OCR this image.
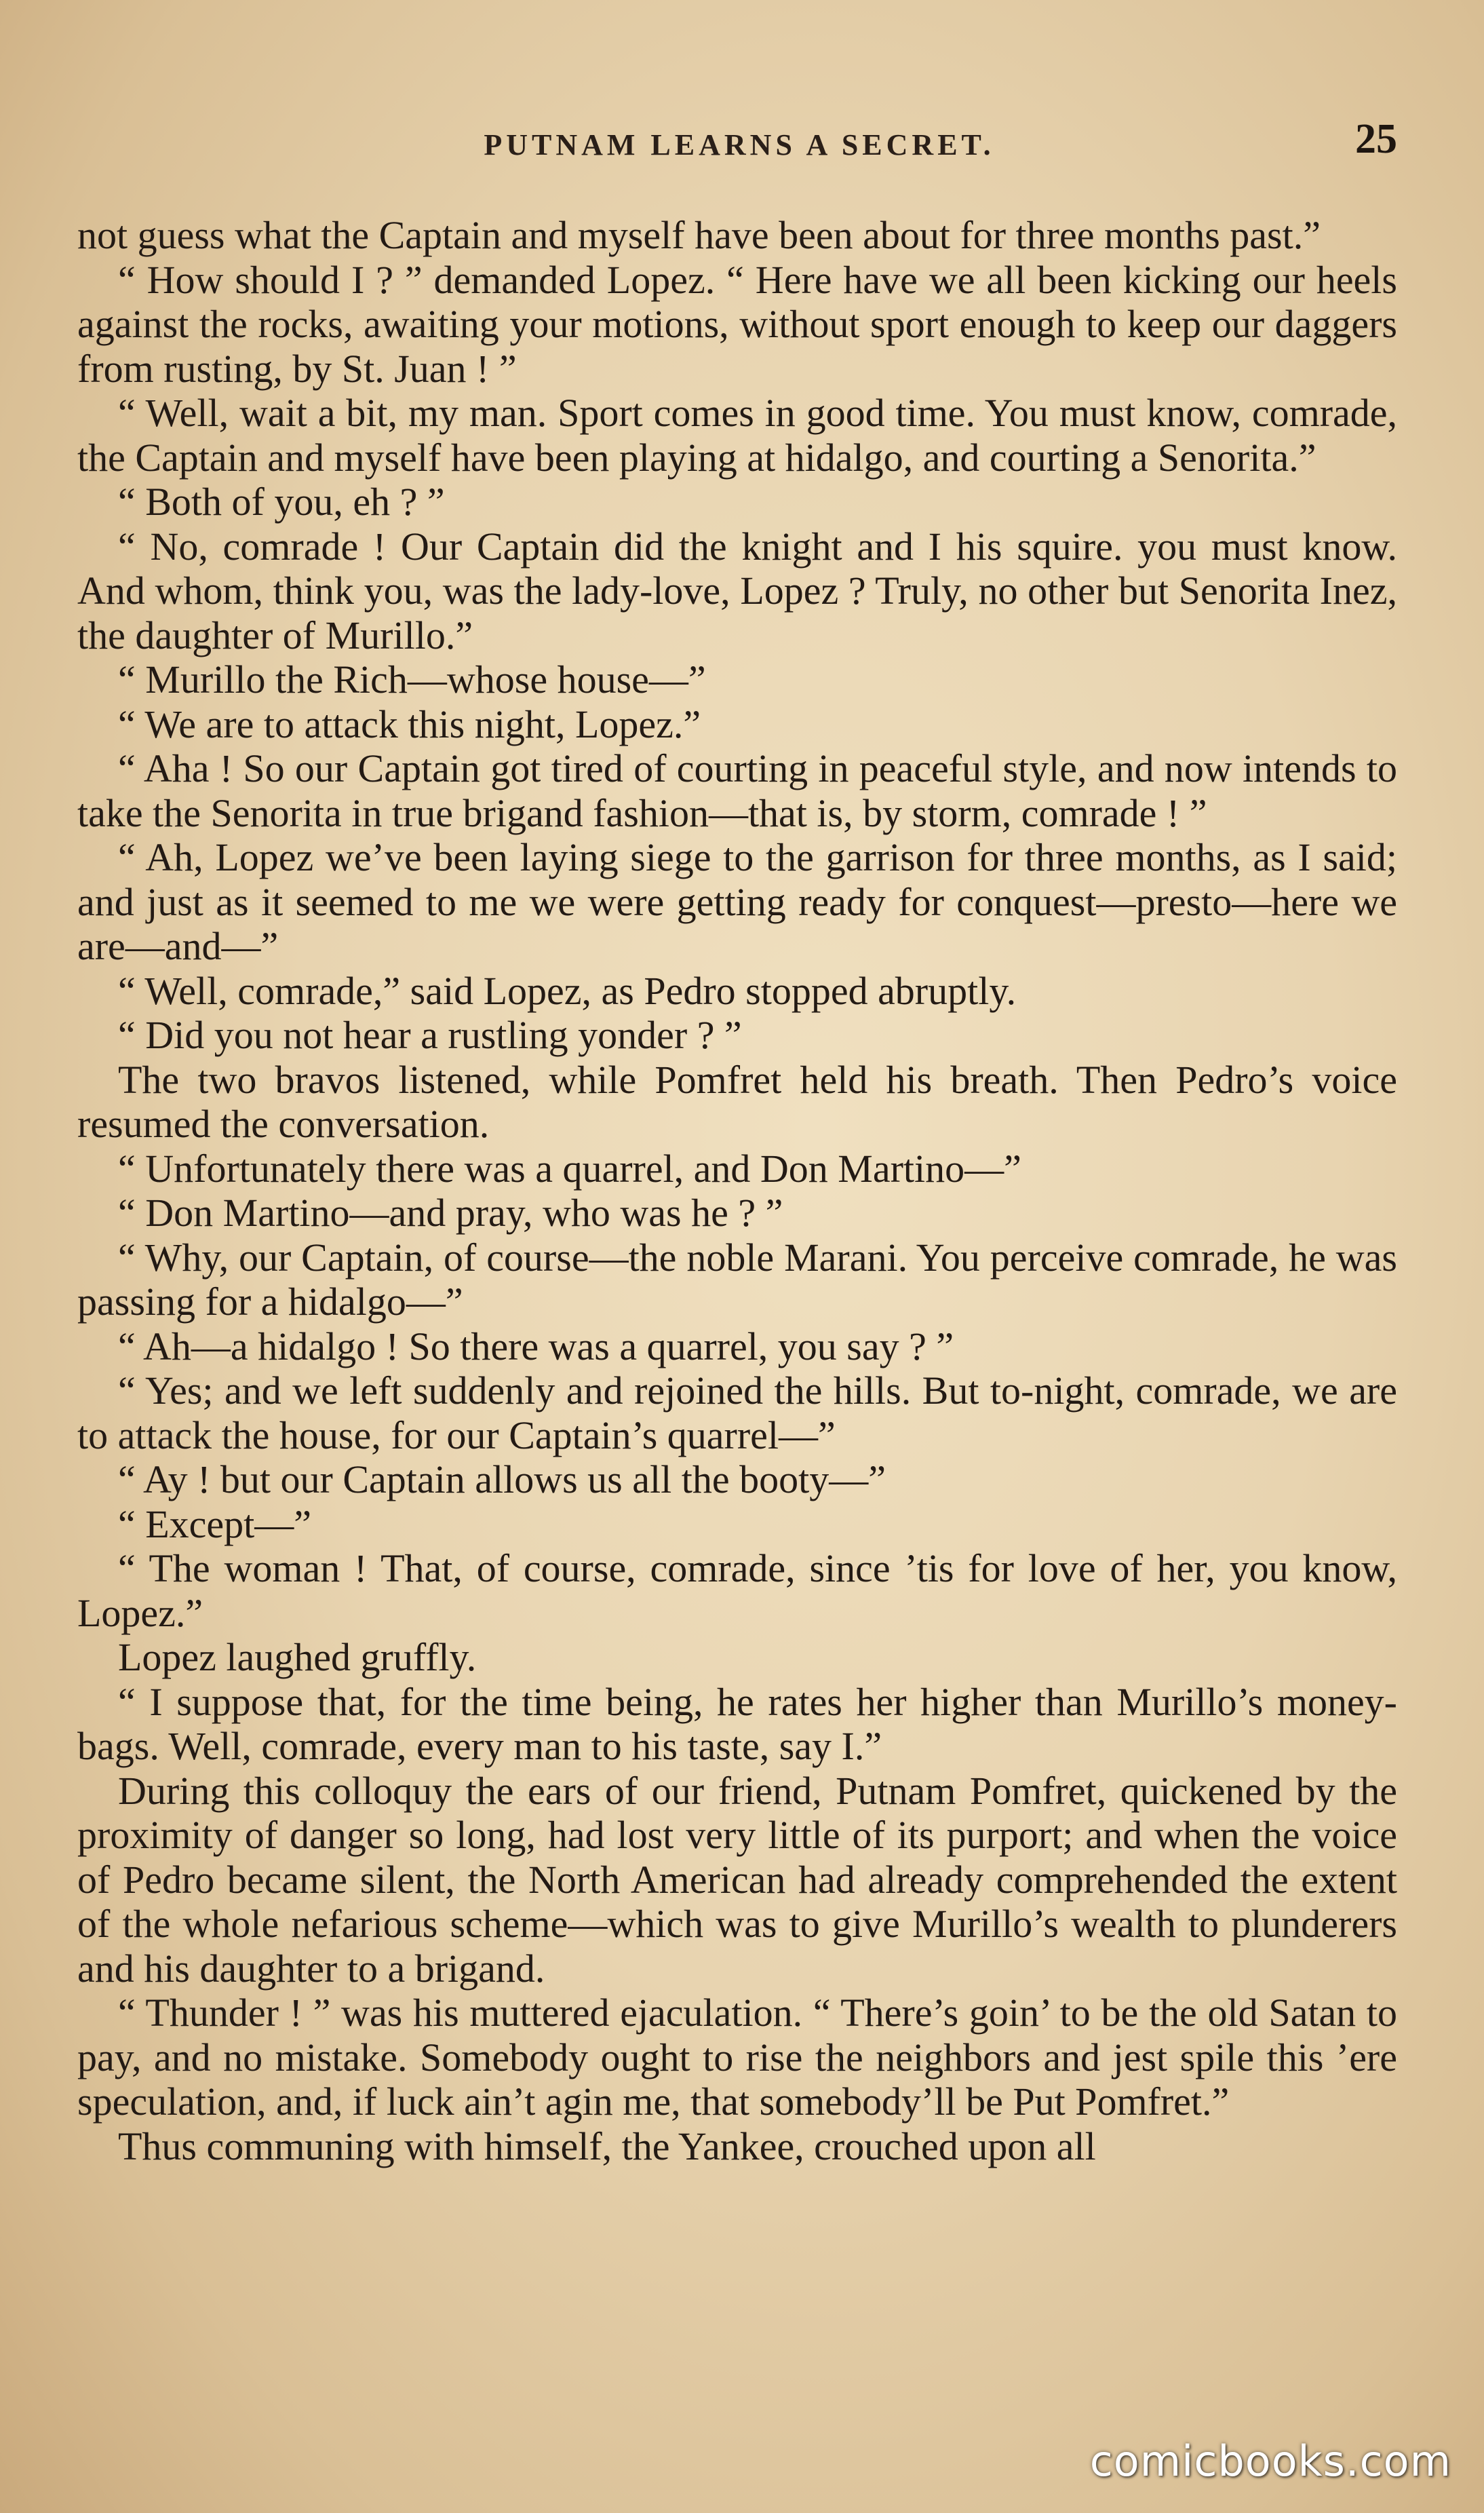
PUTNAM LEARNS A SECRET.	25

not guess what the Captain and myself have been about for three months past.”

“ How should I ? ” demanded Lopez. “ Here have we all been kicking our heels against the rocks, awaiting your motions, without sport enough to keep our daggers from rusting, by St. Juan ! ”

“ Well, wait a bit, my man. Sport comes in good time. You must know, comrade, the Captain and myself have been playing at hidalgo, and courting a Senorita.”

“ Both of you, eh ? ”

“ No, comrade ! Our Captain did the knight and I his squire. you must know. And whom, think you, was the lady-love, Lopez ? Truly, no other but Senorita Inez, the daughter of Murillo.”

“ Murillo the Rich—whose house—”

“ We are to attack this night, Lopez.”

“ Aha ! So our Captain got tired of courting in peaceful style, and now intends to take the Senorita in true brigand fashion—that is, by storm, comrade ! ”

“ Ah, Lopez we’ve been laying siege to the garrison for three months, as I said; and just as it seemed to me we were getting ready for conquest—presto—here we are—and—”

“ Well, comrade,” said Lopez, as Pedro stopped abruptly.

“ Did you not hear a rustling yonder ? ”

The two bravos listened, while Pomfret held his breath. Then Pedro’s voice resumed the conversation.

“ Unfortunately there was a quarrel, and Don Martino—”

“ Don Martino—and pray, who was he ? ”

“ Why, our Captain, of course—the noble Marani. You perceive comrade, he was passing for a hidalgo—”

“ Ah—a hidalgo ! So there was a quarrel, you say ? ”

“ Yes; and we left suddenly and rejoined the hills. But to-night, comrade, we are to attack the house, for our Captain’s quarrel—”

“ Ay ! but our Captain allows us all the booty—”

“ Except—”

“ The woman ! That, of course, comrade, since ’tis for love of her, you know, Lopez.”

Lopez laughed gruffly.

“ I suppose that, for the time being, he rates her higher than Murillo’s money-bags. Well, comrade, every man to his taste, say I.”

During this colloquy the ears of our friend, Putnam Pomfret, quickened by the proximity of danger so long, had lost very little of its purport; and when the voice of Pedro became silent, the North American had already comprehended the extent of the whole nefarious scheme—which was to give Murillo’s wealth to plunderers and his daughter to a brigand.

“ Thunder ! ” was his muttered ejaculation. “ There’s goin’ to be the old Satan to pay, and no mistake. Somebody ought to rise the neighbors and jest spile this ’ere speculation, and, if luck ain’t agin me, that somebody’ll be Put Pomfret.”

Thus communing with himself, the Yankee, crouched upon all

comicbooks.com
